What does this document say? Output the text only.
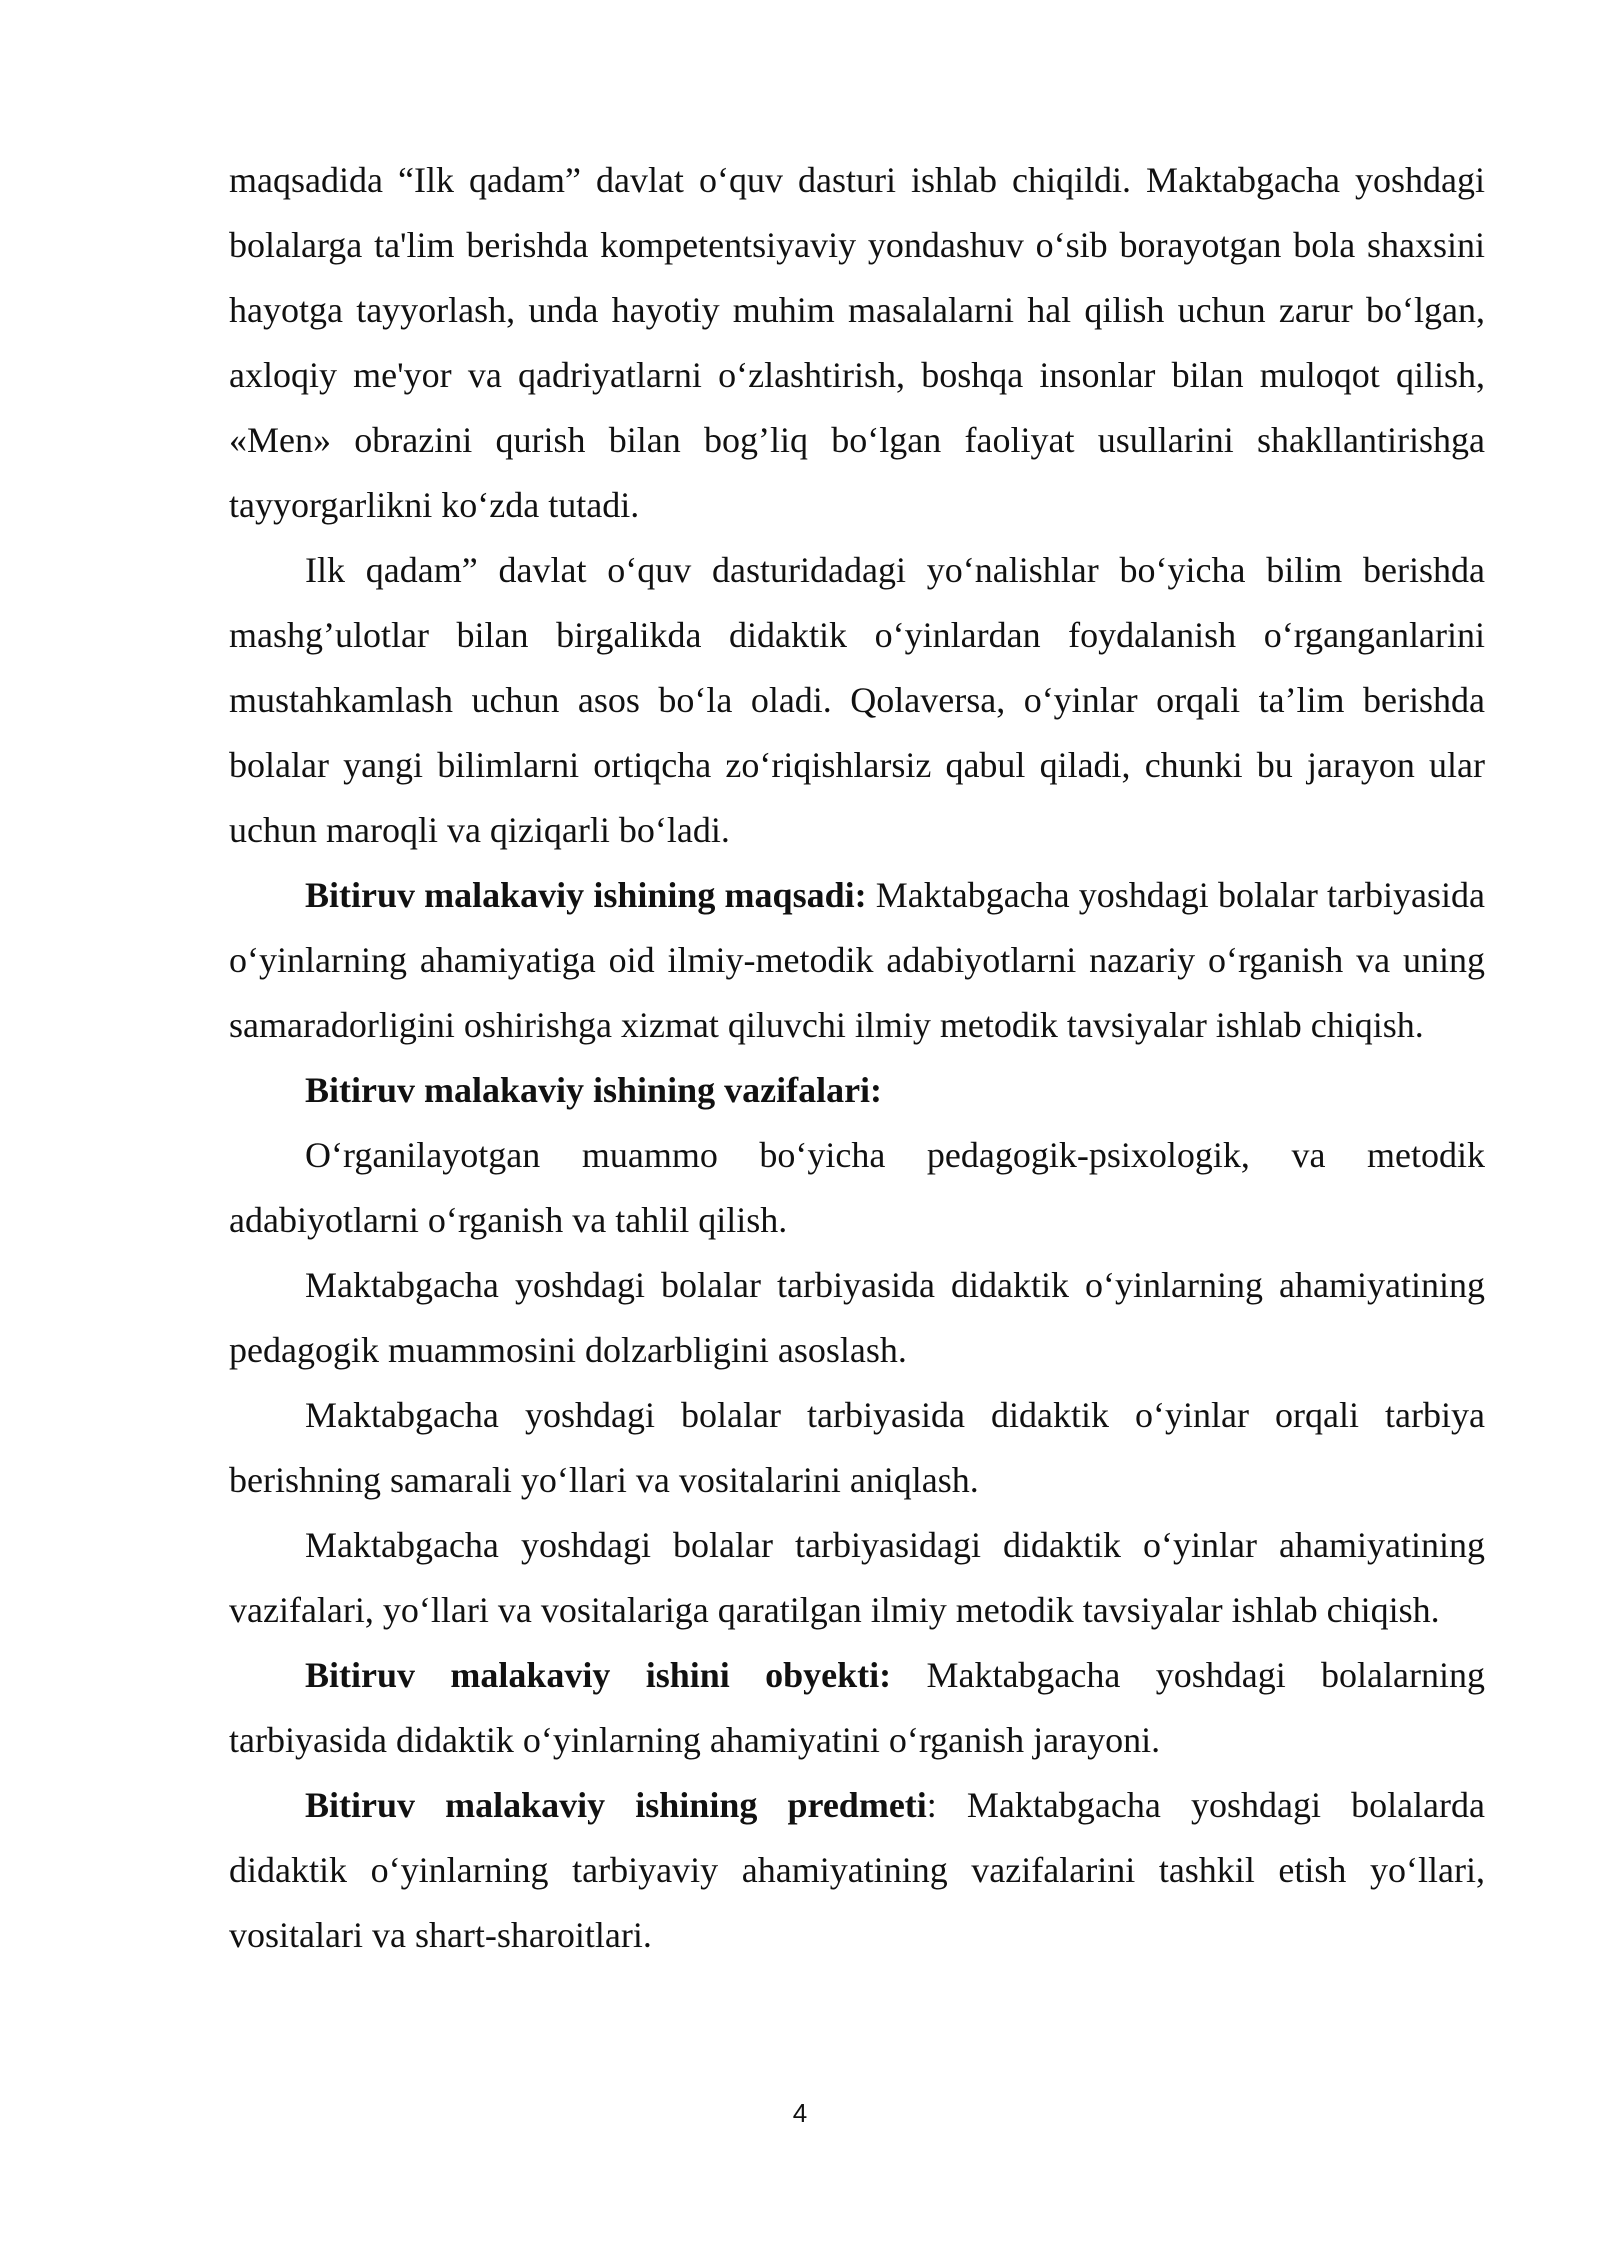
maqsadida “Ilk qadam” davlat o‘quv dasturi ishlab chiqildi. Maktabgacha yoshdagi bolalarga ta'lim berishda kompetentsiyaviy yondashuv o‘sib borayotgan bola shaxsini hayotga tayyorlash, unda hayotiy muhim masalalarni hal qilish uchun zarur bo‘lgan, axloqiy me'yor va qadriyatlarni o‘zlashtirish, boshqa insonlar bilan muloqot qilish, «Men» obrazini qurish bilan bog’liq bo‘lgan faoliyat usullarini shakllantirishga tayyorgarlikni ko‘zda tutadi.

Ilk qadam” davlat o‘quv dasturidadagi yo‘nalishlar bo‘yicha bilim berishda mashg’ulotlar bilan birgalikda didaktik o‘yinlardan foydalanish o‘rganganlarini mustahkamlash uchun asos bo‘la oladi. Qolaversa, o‘yinlar orqali ta’lim berishda bolalar yangi bilimlarni ortiqcha zo‘riqishlarsiz qabul qiladi, chunki bu jarayon ular uchun maroqli va qiziqarli bo‘ladi.

Bitiruv malakaviy ishining maqsadi: Maktabgacha yoshdagi bolalar tarbiyasida o‘yinlarning ahamiyatiga oid ilmiy-metodik adabiyotlarni nazariy o‘rganish va uning samaradorligini oshirishga xizmat qiluvchi ilmiy metodik tavsiyalar ishlab chiqish.

Bitiruv malakaviy ishining vazifalari:

O‘rganilayotgan muammo bo‘yicha pedagogik-psixologik, va metodik adabiyotlarni o‘rganish va tahlil qilish.

Maktabgacha yoshdagi bolalar tarbiyasida didaktik o‘yinlarning ahamiyatining pedagogik muammosini dolzarbligini asoslash.

Maktabgacha yoshdagi bolalar tarbiyasida didaktik o‘yinlar orqali tarbiya berishning samarali yo‘llari va vositalarini aniqlash.

Maktabgacha yoshdagi bolalar tarbiyasidagi didaktik o‘yinlar ahamiyatining vazifalari, yo‘llari va vositalariga qaratilgan ilmiy metodik tavsiyalar ishlab chiqish.

Bitiruv malakaviy ishini obyekti: Maktabgacha yoshdagi bolalarning tarbiyasida didaktik o‘yinlarning ahamiyatini o‘rganish jarayoni.

Bitiruv malakaviy ishining predmeti: Maktabgacha yoshdagi bolalarda didaktik o‘yinlarning tarbiyaviy ahamiyatining vazifalarini tashkil etish yo‘llari, vositalari va shart-sharoitlari.

4
